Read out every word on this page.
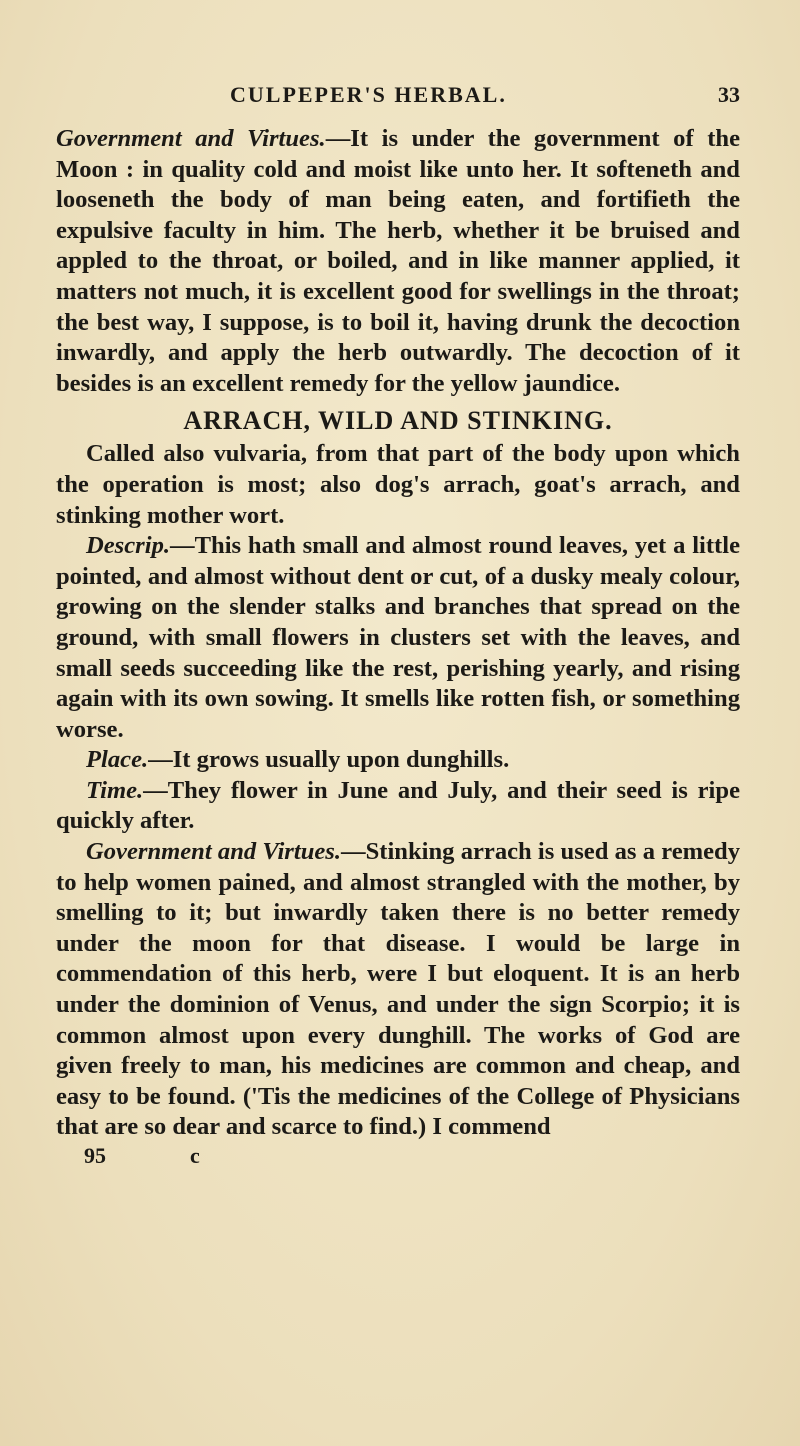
CULPEPER'S HERBAL.	33

Government and Virtues.—It is under the government of the Moon : in quality cold and moist like unto her. It softeneth and looseneth the body of man being eaten, and fortifieth the expulsive faculty in him. The herb, whether it be bruised and appled to the throat, or boiled, and in like manner applied, it matters not much, it is excellent good for swellings in the throat; the best way, I suppose, is to boil it, having drunk the decoction inwardly, and apply the herb outwardly. The decoction of it besides is an excellent remedy for the yellow jaundice.

ARRACH, WILD AND STINKING.

Called also vulvaria, from that part of the body upon which the operation is most; also dog's arrach, goat's arrach, and stinking mother wort.

Descrip.—This hath small and almost round leaves, yet a little pointed, and almost without dent or cut, of a dusky mealy colour, growing on the slender stalks and branches that spread on the ground, with small flowers in clusters set with the leaves, and small seeds succeeding like the rest, perishing yearly, and rising again with its own sowing. It smells like rotten fish, or something worse.

Place.—It grows usually upon dunghills.

Time.—They flower in June and July, and their seed is ripe quickly after.

Government and Virtues.—Stinking arrach is used as a remedy to help women pained, and almost strangled with the mother, by smelling to it; but inwardly taken there is no better remedy under the moon for that disease. I would be large in commendation of this herb, were I but eloquent. It is an herb under the dominion of Venus, and under the sign Scorpio; it is common almost upon every dunghill. The works of God are given freely to man, his medicines are common and cheap, and easy to be found. ('Tis the medicines of the College of Physicians that are so dear and scarce to find.) I commend

95	c
